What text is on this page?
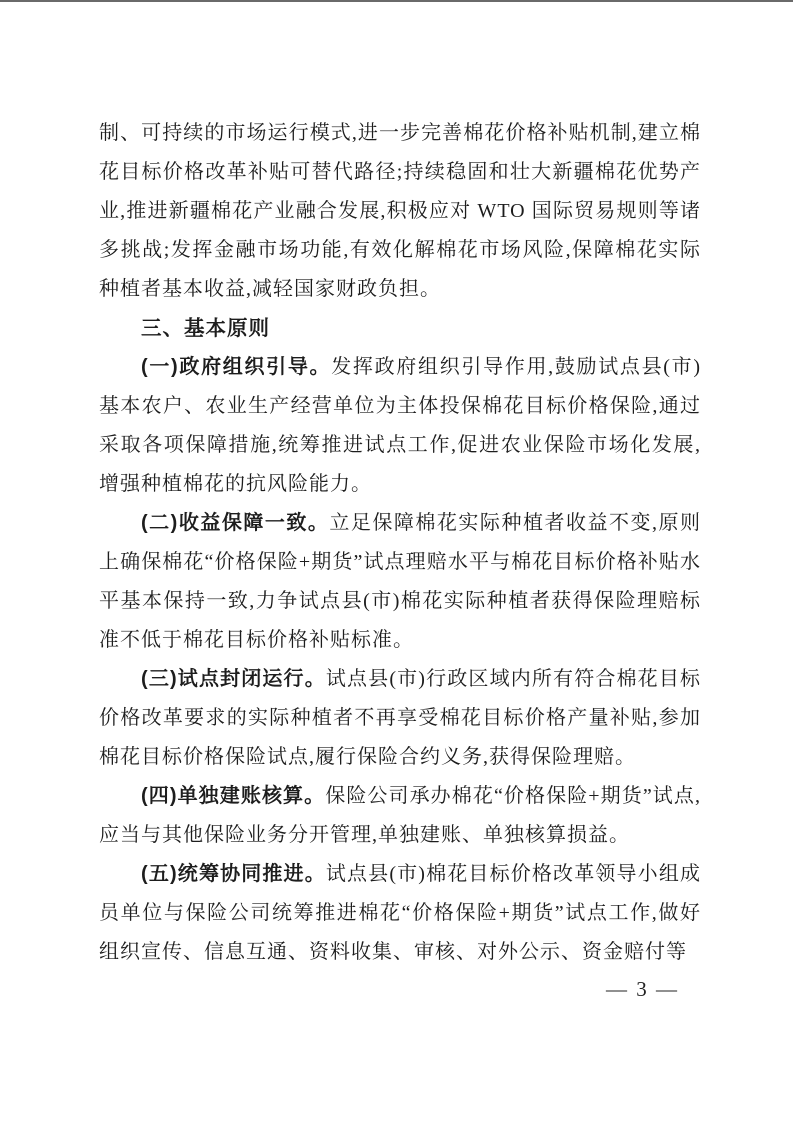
制、可持续的市场运行模式,进一步完善棉花价格补贴机制,建立棉花目标价格改革补贴可替代路径;持续稳固和壮大新疆棉花优势产业,推进新疆棉花产业融合发展,积极应对 WTO 国际贸易规则等诸多挑战;发挥金融市场功能,有效化解棉花市场风险,保障棉花实际种植者基本收益,减轻国家财政负担。

三、基本原则

(一)政府组织引导。发挥政府组织引导作用,鼓励试点县(市)基本农户、农业生产经营单位为主体投保棉花目标价格保险,通过采取各项保障措施,统筹推进试点工作,促进农业保险市场化发展,增强种植棉花的抗风险能力。

(二)收益保障一致。立足保障棉花实际种植者收益不变,原则上确保棉花“价格保险+期货”试点理赔水平与棉花目标价格补贴水平基本保持一致,力争试点县(市)棉花实际种植者获得保险理赔标准不低于棉花目标价格补贴标准。

(三)试点封闭运行。试点县(市)行政区域内所有符合棉花目标价格改革要求的实际种植者不再享受棉花目标价格产量补贴,参加棉花目标价格保险试点,履行保险合约义务,获得保险理赔。

(四)单独建账核算。保险公司承办棉花“价格保险+期货”试点,应当与其他保险业务分开管理,单独建账、单独核算损益。

(五)统筹协同推进。试点县(市)棉花目标价格改革领导小组成员单位与保险公司统筹推进棉花“价格保险+期货”试点工作,做好组织宣传、信息互通、资料收集、审核、对外公示、资金赔付等

— 3 —
